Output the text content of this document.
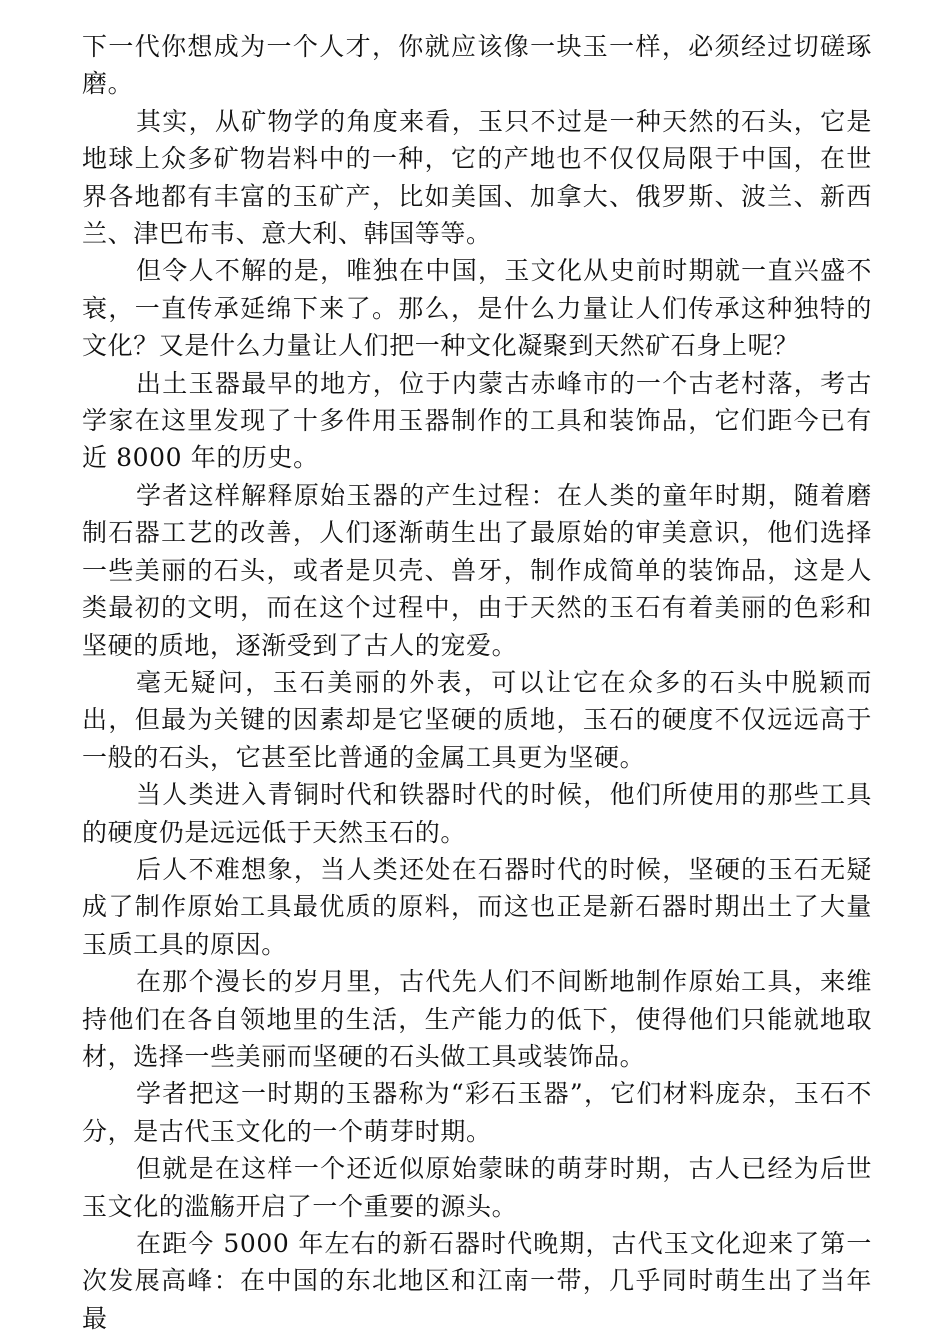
下一代你想成为一个人才，你就应该像一块玉一样，必须经过切磋琢磨。

其实，从矿物学的角度来看，玉只不过是一种天然的石头，它是地球上众多矿物岩料中的一种，它的产地也不仅仅局限于中国，在世界各地都有丰富的玉矿产，比如美国、加拿大、俄罗斯、波兰、新西兰、津巴布韦、意大利、韩国等等。

但令人不解的是，唯独在中国，玉文化从史前时期就一直兴盛不衰，一直传承延绵下来了。那么，是什么力量让人们传承这种独特的文化？又是什么力量让人们把一种文化凝聚到天然矿石身上呢？

出土玉器最早的地方，位于内蒙古赤峰市的一个古老村落，考古学家在这里发现了十多件用玉器制作的工具和装饰品，它们距今已有近 8000 年的历史。

学者这样解释原始玉器的产生过程：在人类的童年时期，随着磨制石器工艺的改善，人们逐渐萌生出了最原始的审美意识，他们选择一些美丽的石头，或者是贝壳、兽牙，制作成简单的装饰品，这是人类最初的文明，而在这个过程中，由于天然的玉石有着美丽的色彩和坚硬的质地，逐渐受到了古人的宠爱。

毫无疑问，玉石美丽的外表，可以让它在众多的石头中脱颖而出，但最为关键的因素却是它坚硬的质地，玉石的硬度不仅远远高于一般的石头，它甚至比普通的金属工具更为坚硬。

当人类进入青铜时代和铁器时代的时候，他们所使用的那些工具的硬度仍是远远低于天然玉石的。

后人不难想象，当人类还处在石器时代的时候，坚硬的玉石无疑成了制作原始工具最优质的原料，而这也正是新石器时期出土了大量玉质工具的原因。

在那个漫长的岁月里，古代先人们不间断地制作原始工具，来维持他们在各自领地里的生活，生产能力的低下，使得他们只能就地取材，选择一些美丽而坚硬的石头做工具或装饰品。

学者把这一时期的玉器称为“彩石玉器”，它们材料庞杂，玉石不分，是古代玉文化的一个萌芽时期。

但就是在这样一个还近似原始蒙昧的萌芽时期，古人已经为后世玉文化的滥觞开启了一个重要的源头。

在距今 5000 年左右的新石器时代晚期，古代玉文化迎来了第一次发展高峰：在中国的东北地区和江南一带，几乎同时萌生出了当年最
